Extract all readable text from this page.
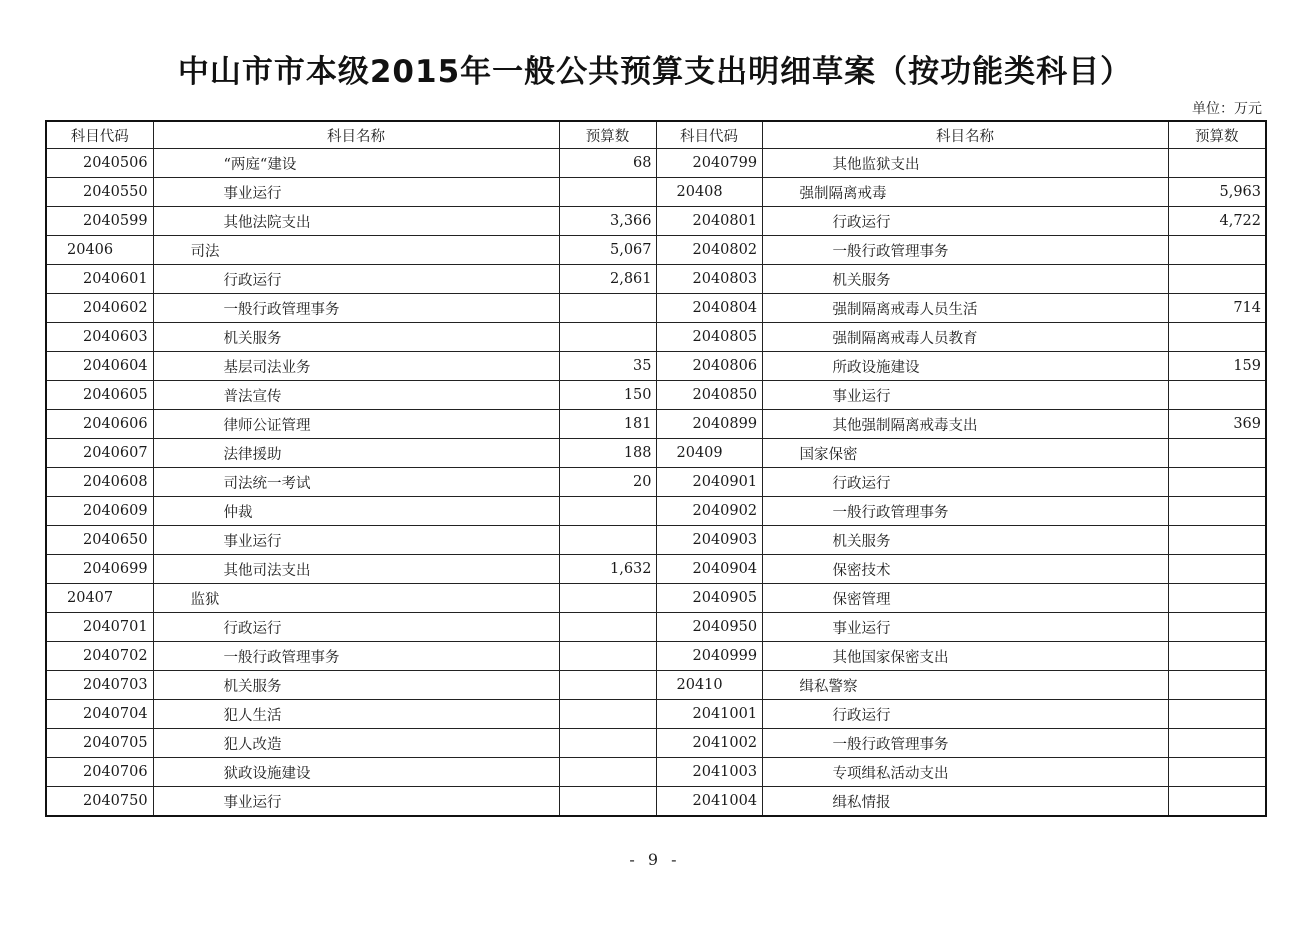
中山市市本级2015年一般公共预算支出明细草案（按功能类科目）
单位：万元
科目代码	科目名称	预算数	科目代码	科目名称	预算数
2040506	“两庭“建设	68	2040799	其他监狱支出	
2040550	事业运行		20408	强制隔离戒毒	5,963
2040599	其他法院支出	3,366	2040801	行政运行	4,722
20406	司法	5,067	2040802	一般行政管理事务	
2040601	行政运行	2,861	2040803	机关服务	
2040602	一般行政管理事务		2040804	强制隔离戒毒人员生活	714
2040603	机关服务		2040805	强制隔离戒毒人员教育	
2040604	基层司法业务	35	2040806	所政设施建设	159
2040605	普法宣传	150	2040850	事业运行	
2040606	律师公证管理	181	2040899	其他强制隔离戒毒支出	369
2040607	法律援助	188	20409	国家保密	
2040608	司法统一考试	20	2040901	行政运行	
2040609	仲裁		2040902	一般行政管理事务	
2040650	事业运行		2040903	机关服务	
2040699	其他司法支出	1,632	2040904	保密技术	
20407	监狱		2040905	保密管理	
2040701	行政运行		2040950	事业运行	
2040702	一般行政管理事务		2040999	其他国家保密支出	
2040703	机关服务		20410	缉私警察	
2040704	犯人生活		2041001	行政运行	
2040705	犯人改造		2041002	一般行政管理事务	
2040706	狱政设施建设		2041003	专项缉私活动支出	
2040750	事业运行		2041004	缉私情报	
- 9 -
